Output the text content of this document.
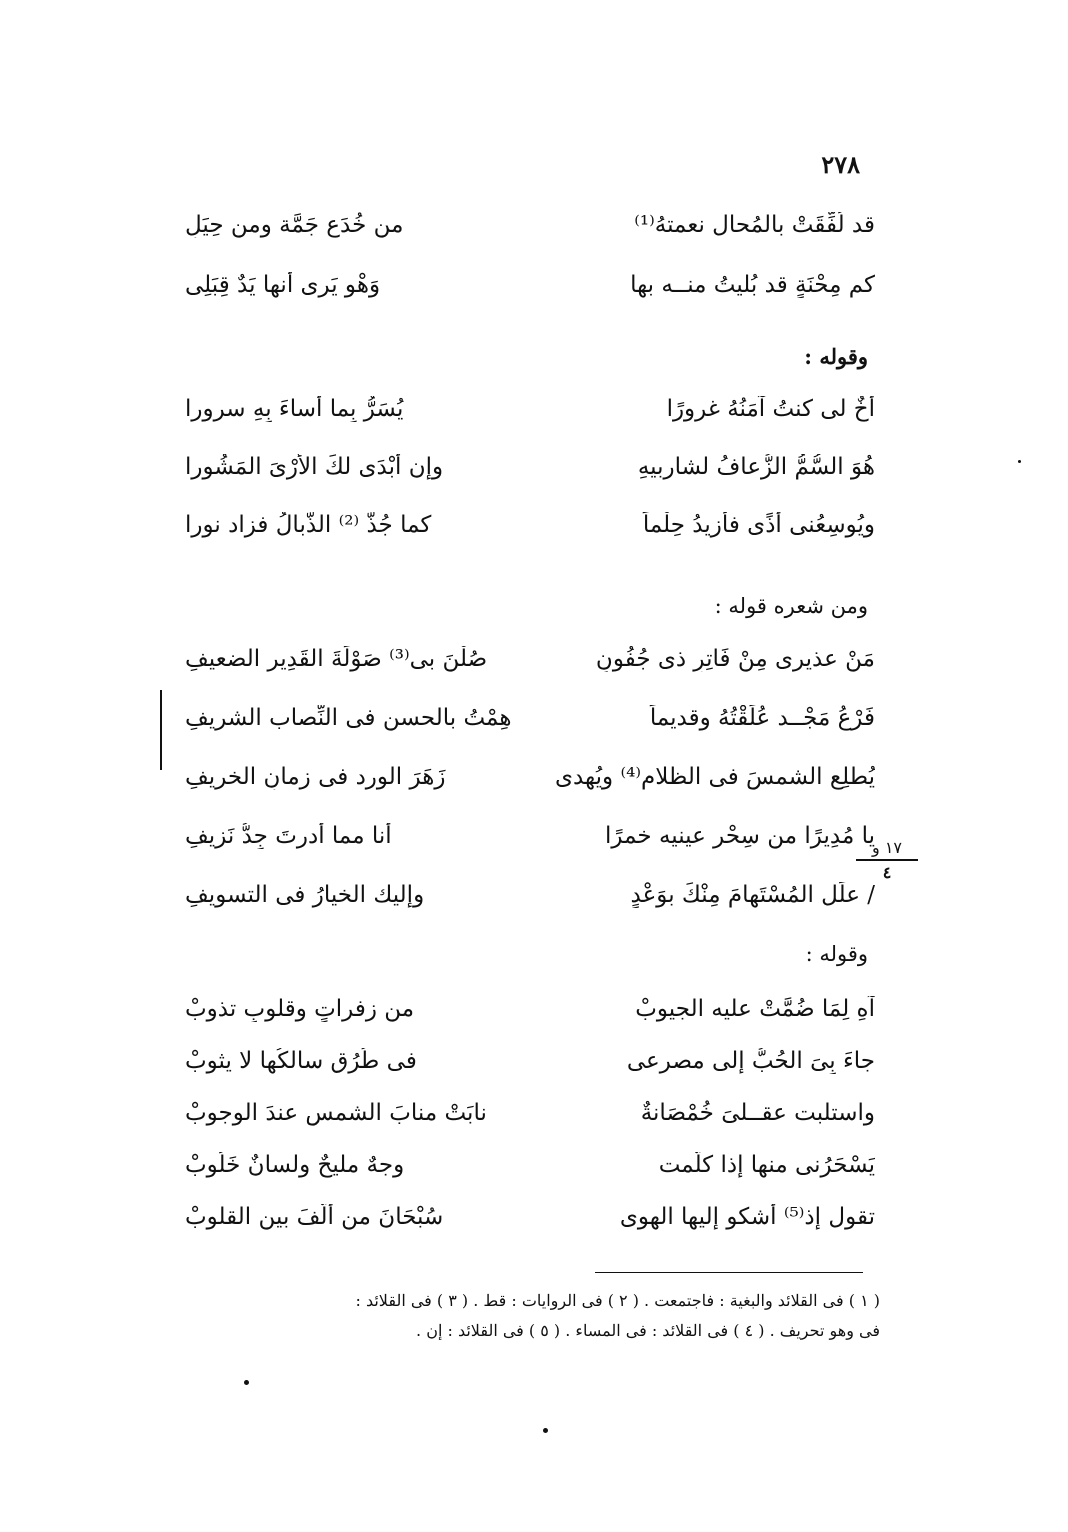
٢٧٨
قد لُفِّقَتْ بالمُحال نعمتهُ⁽¹⁾
من خُدَعٍ جَمَّة ومن حِيَلِ
كم مِحْنَةٍ قد بُليتُ منــه بها
وَهْو يَرى أنها يَدٌ قِبَلِى
وقوله :
أخٌ لى كنتُ آمَنُهُ غرورًا
يُسَرُّ بِما أساءَ بِهِ سرورا
هُوَ السُّمُّ الزُّعافُ لشاربيهِ
وإن أبْدَى لكَ الأرْىَ المَشُورا
ويُوسِعُنى أذًى فأزيدُ حِلْماً
كما جُذَّ ⁽²⁾ الذُّبالُ فزاد نورا
ومن شعره قوله :
مَنْ عذيرى مِنْ فَاتِرٍ ذى جُفُونٍ
صُلْنَ بى⁽³⁾ صَوْلَةَ القَدِيرِ الضعيفِ
فَرْعُ مَجْــد عُلِّقْتُهُ وقديماً
هِمْتُ بالحسن فى النِّصاب الشريفِ
يُطلِع الشمسَ فى الظلام⁽⁴⁾ ويُهدى
زَهَرَ الورد فى زمانِ الخريفِ
يا مُدِيرًا من سِحْرِ عينيه خمرًا
أنا مما أدرتَ جِدُّ نَزيفِ
/ علِّل المُسْتَهامَ مِنْكَ بوَعْدٍ
وإليك الخيارُ فى التسويفِ
١٧ و
٤
وقوله :
آهِ لِمَا ضُمَّتْ عليه الجيوبْ
من زفراتٍ وقلوبٍ تذوبْ
جاءَ بِىَ الحُبُّ إلى مصرعى
فى طُرُقٍ سالكُها لا يثوبْ
واستلبت عقــلىَ خُمْصَانةٌ
نابَتْ منابَ الشمسِ عندَ الوجوبْ
يَسْحَرُنى منها إذا كلَّمت
وجهٌ مليحٌ ولسانٌ خَلُوبْ
تقول إذ⁽⁵⁾ أشكو إليها الهوى
سُبْحَانَ من ألَّفَ بين القلوبْ
( ١ ) فى القلائد والبغية : فاجتمعت . ( ٢ ) فى الروايات : قط . ( ٣ ) فى القلائد :
فى وهو تحريف . ( ٤ ) فى القلائد : فى المساء . ( ٥ ) فى القلائد : إن .
